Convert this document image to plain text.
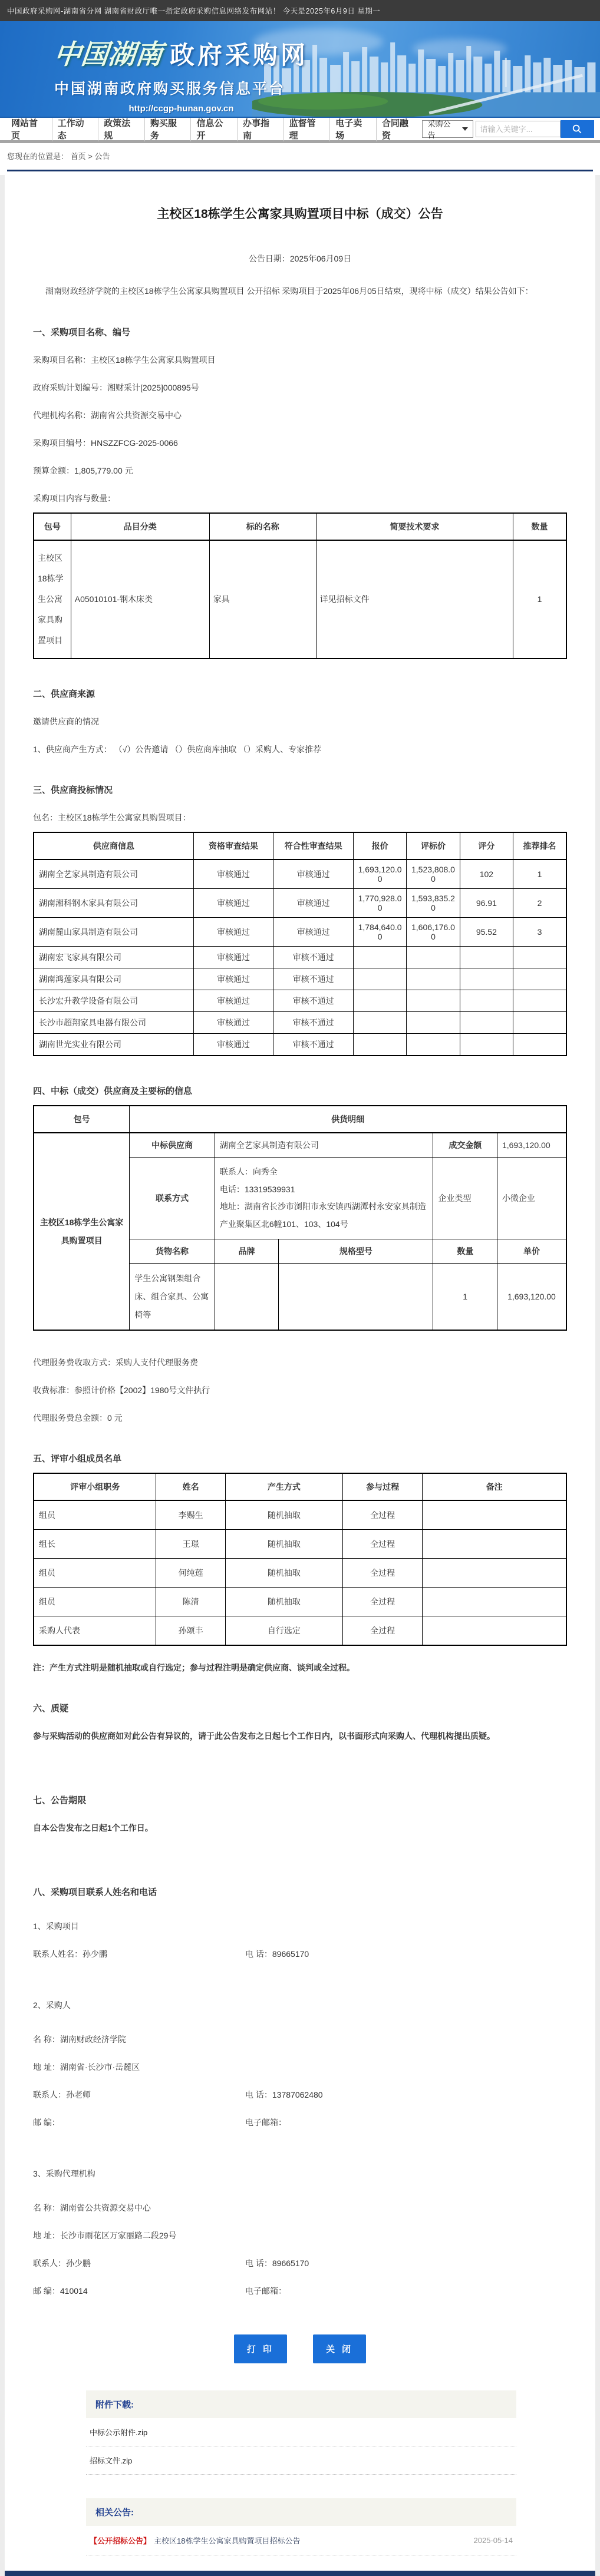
中国政府采购网-湖南省分网 湖南省财政厅唯一指定政府采购信息网络发布网站！ 今天是2025年6月9日 星期一
中国湖南 政府采购网
中国湖南政府购买服务信息平台
http://ccgp-hunan.gov.cn
网站首页
工作动态
政策法规
购买服务
信息公开
办事指南
监督管理
电子卖场
合同融资
采购公告
请输入关键字...
您现在的位置是： 首页 > 公告
主校区18栋学生公寓家具购置项目中标（成交）公告
公告日期：2025年06月09日

湖南财政经济学院的主校区18栋学生公寓家具购置项目 公开招标 采购项目于2025年06月05日结束，现将中标（成交）结果公告如下：

一、采购项目名称、编号
采购项目名称：主校区18栋学生公寓家具购置项目
政府采购计划编号：湘财采计[2025]000895号
代理机构名称：湖南省公共资源交易中心
采购项目编号：HNSZZFCG-2025-0066
预算金额：1,805,779.00 元
采购项目内容与数量：
包号	品目分类	标的名称	简要技术要求	数量
主校区18栋学生公寓家具购置项目	A05010101-钢木床类	家具	详见招标文件	1
二、供应商来源
邀请供应商的情况
1、供应商产生方式： （√）公告邀请 （）供应商库抽取 （）采购人、专家推荐
三、供应商投标情况
包名：主校区18栋学生公寓家具购置项目：
供应商信息	资格审查结果	符合性审查结果	报价	评标价	评分	推荐排名
湖南全艺家具制造有限公司	审核通过	审核通过	1,693,120.00	1,523,808.00	102	1
湖南湘科钢木家具有限公司	审核通过	审核通过	1,770,928.00	1,593,835.20	96.91	2
湖南麓山家具制造有限公司	审核通过	审核通过	1,784,640.00	1,606,176.00	95.52	3
湖南宏飞家具有限公司	审核通过	审核不通过				
湖南鸿莲家具有限公司	审核通过	审核不通过				
长沙宏升教学设备有限公司	审核通过	审核不通过				
长沙市超翔家具电器有限公司	审核通过	审核不通过				
湖南世光实业有限公司	审核通过	审核不通过				
四、中标（成交）供应商及主要标的信息
包号	供货明细				
主校区18栋学生公寓家具购置项目	中标供应商	湖南全艺家具制造有限公司		成交金额	1,693,120.00
	联系方式	联系人：向秀全
电话：13319539931
地址：湖南省长沙市浏阳市永安镇西湖潭村永安家具制造产业聚集区北6幢101、103、104号		企业类型	小微企业
	货物名称	品牌	规格型号	数量	单价
	学生公寓钢架组合床、组合家具、公寓椅等			1	1,693,120.00
代理服务费收取方式：采购人支付代理服务费
收费标准：参照计价格【2002】1980号文件执行
代理服务费总金额：0 元
五、评审小组成员名单
评审小组职务	姓名	产生方式	参与过程	备注
组员	李赐生	随机抽取	全过程	
组长	王璟	随机抽取	全过程	
组员	何纯莲	随机抽取	全过程	
组员	陈清	随机抽取	全过程	
采购人代表	孙颂丰	自行选定	全过程	
注：产生方式注明是随机抽取或自行选定；参与过程注明是确定供应商、谈判或全过程。
六、质疑
参与采购活动的供应商如对此公告有异议的，请于此公告发布之日起七个工作日内，以书面形式向采购人、代理机构提出质疑。
七、公告期限
自本公告发布之日起1个工作日。
八、采购项目联系人姓名和电话
1、采购项目
联系人姓名：孙少鹏	电 话：89665170
2、采购人
名 称：湖南财政经济学院
地 址：湖南省·长沙市·岳麓区
联系人：孙老师	电 话：13787062480
邮 编：	电子邮箱：
3、采购代理机构
名 称：湖南省公共资源交易中心
地 址：长沙市雨花区万家丽路二段29号
联系人：孙少鹏	电 话：89665170
邮 编：410014	电子邮箱：
打 印	关 闭
附件下载:
中标公示附件.zip
招标文件.zip
相关公告:
【公开招标公告】 主校区18栋学生公寓家具购置项目招标公告	2025-05-14
